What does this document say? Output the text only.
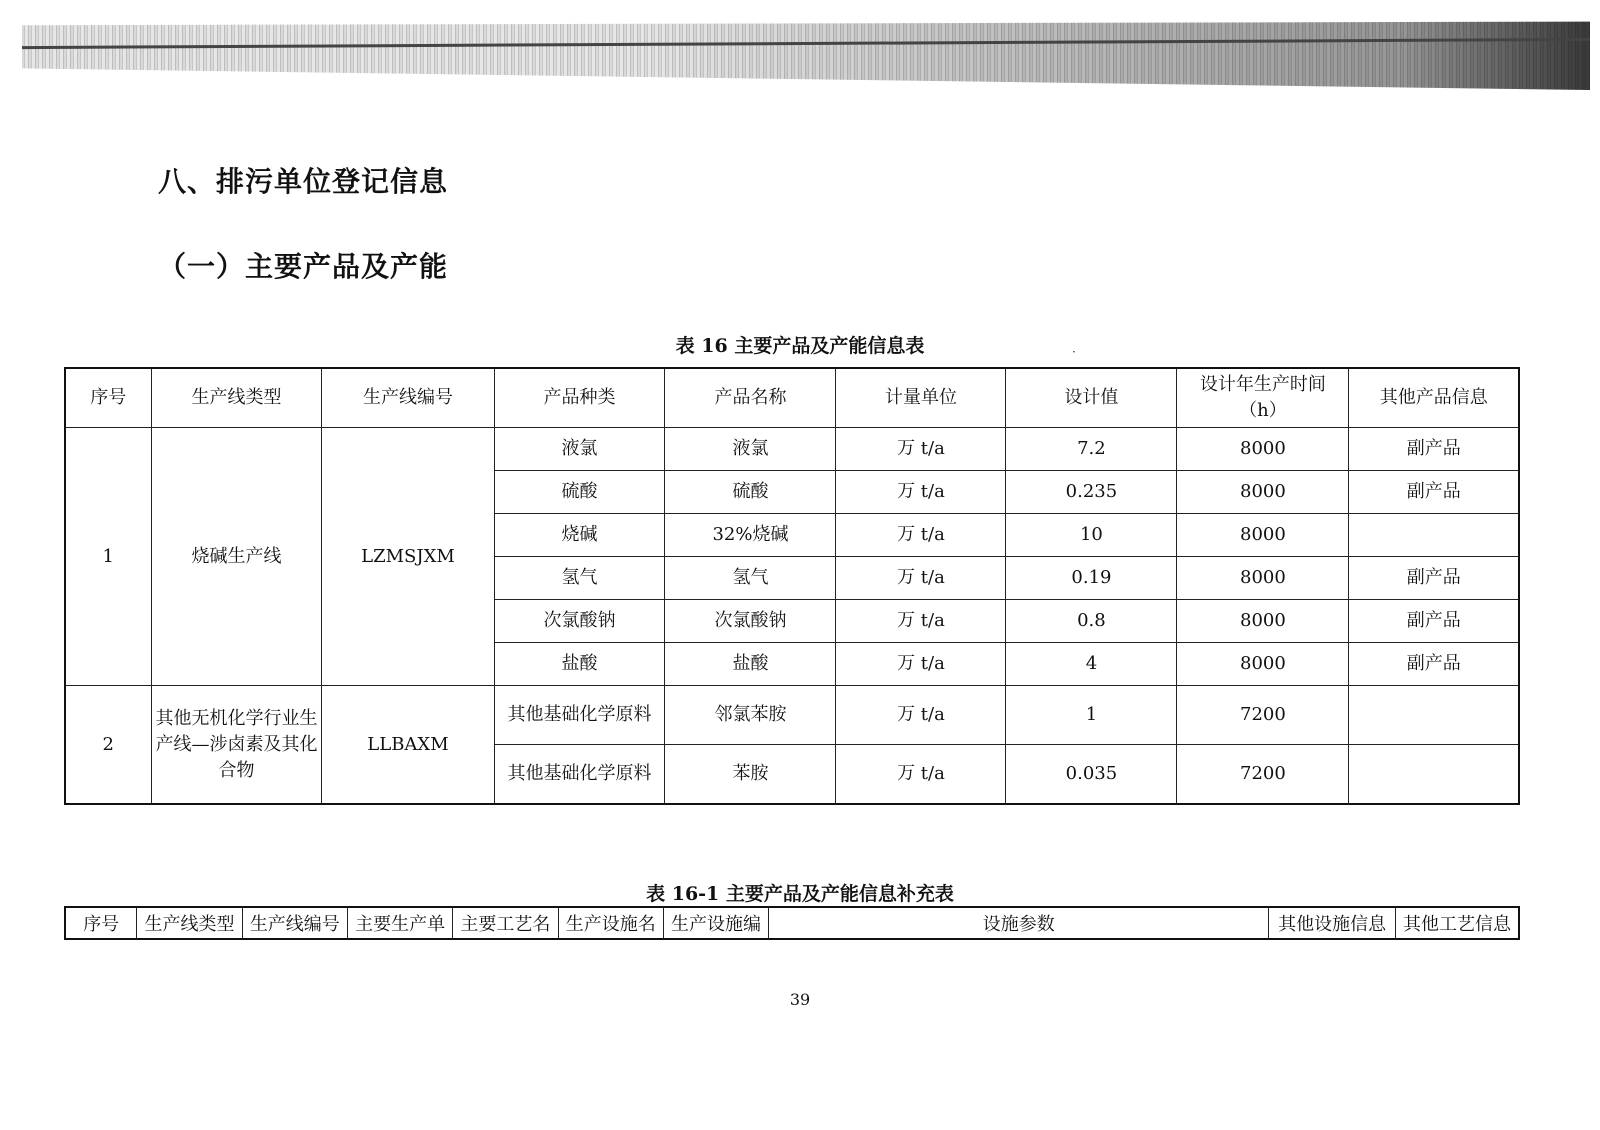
八、排污单位登记信息
（一）主要产品及产能
表 16 主要产品及产能信息表	·
序号	生产线类型	生产线编号	产品种类	产品名称	计量单位	设计值	设计年生产时间（h）	其他产品信息
1	烧碱生产线	LZMSJXM	液氯	液氯	万 t/a	7.2	8000	副产品
			硫酸	硫酸	万 t/a	0.235	8000	副产品
			烧碱	32%烧碱	万 t/a	10	8000	
			氢气	氢气	万 t/a	0.19	8000	副产品
			次氯酸钠	次氯酸钠	万 t/a	0.8	8000	副产品
			盐酸	盐酸	万 t/a	4	8000	副产品
2	其他无机化学行业生产线—涉卤素及其化合物	LLBAXM	其他基础化学原料	邻氯苯胺	万 t/a	1	7200	
			其他基础化学原料	苯胺	万 t/a	0.035	7200	
表 16-1 主要产品及产能信息补充表
序号	生产线类型	生产线编号	主要生产单	主要工艺名	生产设施名	生产设施编	设施参数	其他设施信息	其他工艺信息
39
